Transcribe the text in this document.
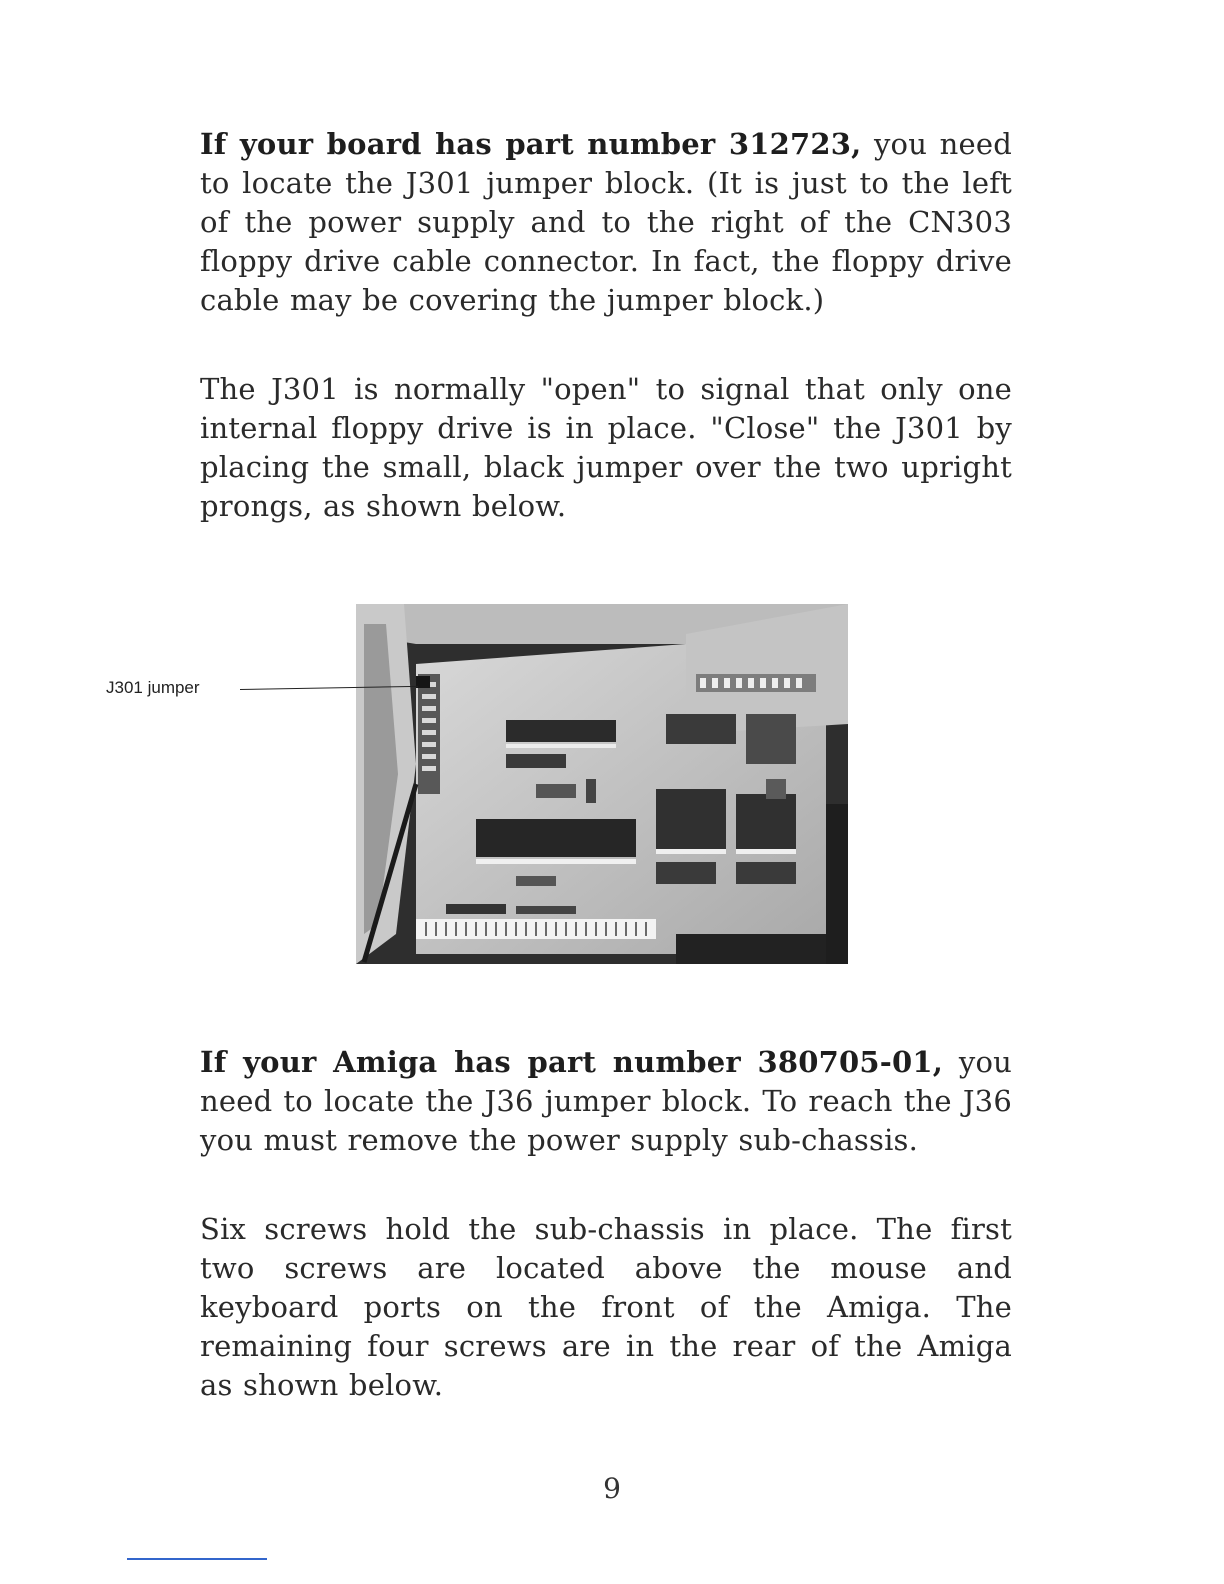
If your board has part number 312723, you need to locate the J301 jumper block. (It is just to the left of the power supply and to the right of the CN303 floppy drive cable connector. In fact, the floppy drive cable may be covering the jumper block.)

The J301 is normally "open" to signal that only one internal floppy drive is in place. "Close" the J301 by placing the small, black jumper over the two upright prongs, as shown below.

J301 jumper

If your Amiga has part number 380705-01, you need to locate the J36 jumper block. To reach the J36 you must remove the power supply sub-chassis.

Six screws hold the sub-chassis in place. The first two screws are located above the mouse and keyboard ports on the front of the Amiga. The remaining four screws are in the rear of the Amiga as shown below.

9
